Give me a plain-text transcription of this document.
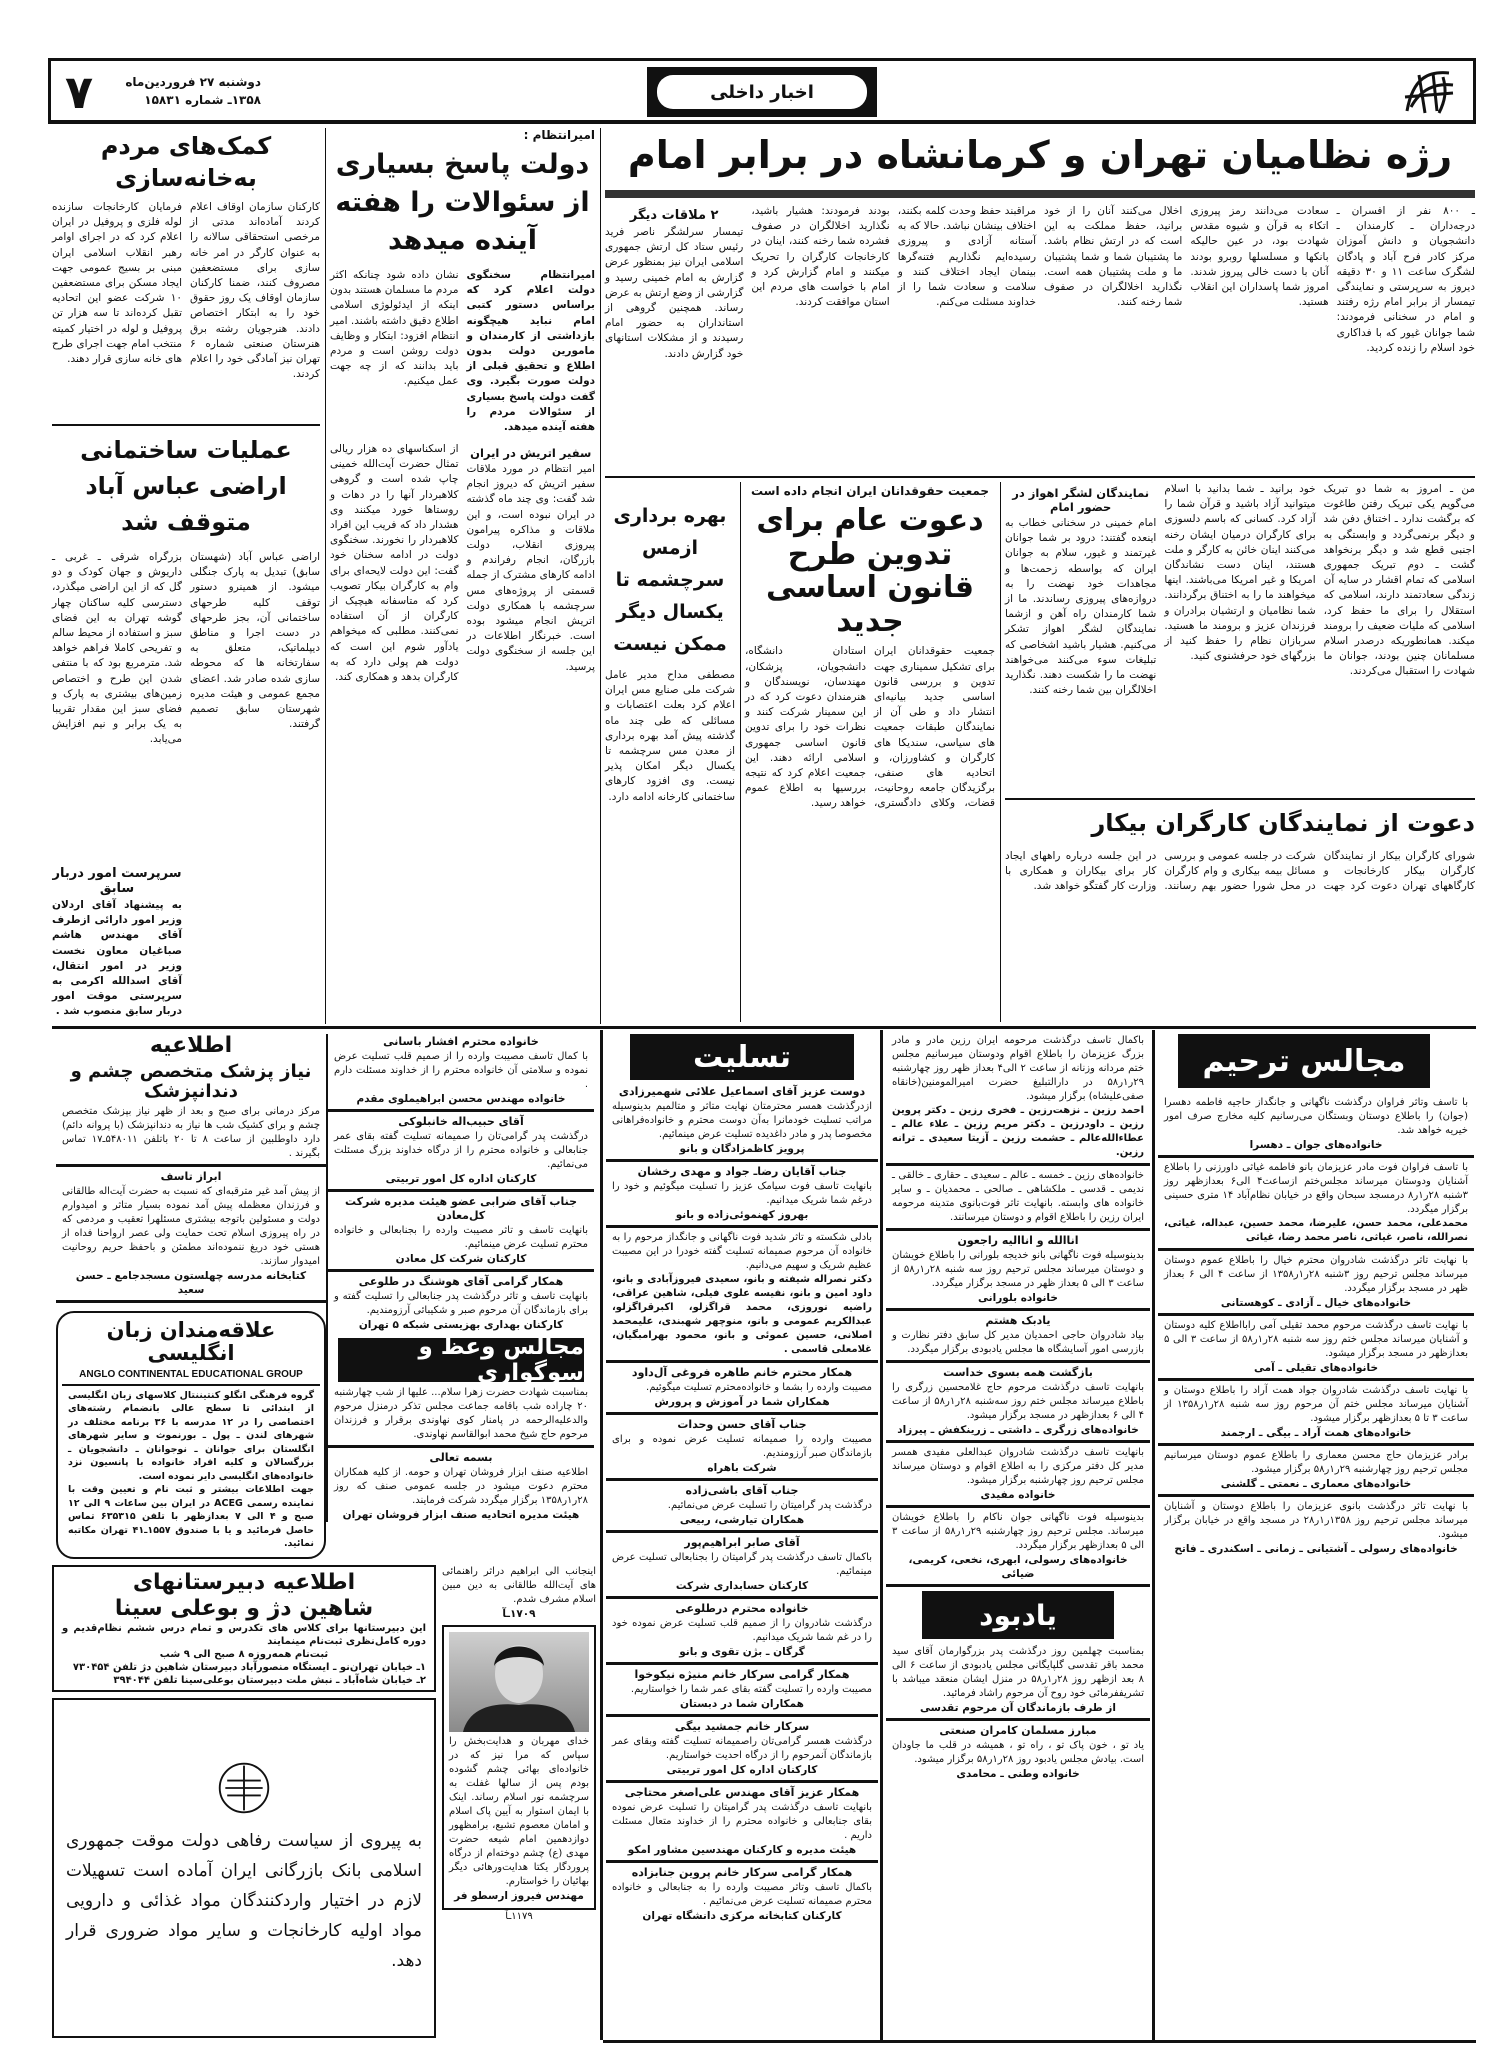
اخبار داخلی
۷	دوشنبه ۲۷ فروردین‌ماه
۱۳۵۸ـ شماره ۱۵۸۳۱
رژه نظامیان تهران و کرمانشاه در برابر امام
ـ ۸۰۰ نفر از افسران ـ درجه‌داران ـ کارمندان ـ دانشجویان و دانش آموزان مرکز کادر فرح آباد و پادگان لشگرک ساعت ۱۱ و ۳۰ دقیقه دیروز به سرپرستی و نمایندگی تیمسار از برابر امام رژه رفتند و امام در سخنانی فرمودند: شما جوانان غیور که با فداکاری خود اسلام را زنده کردید.
سعادت می‌دانند رمز پیروزی اتکاء به قرآن و شیوه مقدس شهادت بود، در عین حالیکه بانکها و مسلسلها روبرو بودند آنان با دست خالی پیروز شدند. امروز شما پاسداران این انقلاب هستید.
اخلال می‌کنند آنان را از خود برانید، حفظ مملکت به این است که در ارتش نظام باشد. ما پشتیبان شما و شما پشتیبان ما و ملت پشتیبان همه است. نگذارید اخلالگران در صفوف شما رخنه کنند.
مراقبند حفظ وحدت کلمه بکنند، اختلاف بینشان نباشد. حالا که به آستانه آزادی و پیروزی رسیده‌ایم نگذاریم فتنه‌گرها بینمان ایجاد اختلاف کنند و سلامت و سعادت شما را از خداوند مسئلت می‌کنم.
بودند فرمودند: هشیار باشید، نگذارید اخلالگران در صفوف فشرده شما رخنه کنند، اینان در کارخانجات کارگران را تحریک میکنند و امام گزارش کرد و امام با خواست های مردم این استان موافقت کردند.
۲ ملاقات دیگر
تیمسار سرلشگر ناصر فرید رئیس ستاد کل ارتش جمهوری اسلامی ایران نیز بمنظور عرض گزارش به امام خمینی رسید و گزارشی از وضع ارتش به عرض رساند. همچنین گروهی از استانداران به حضور امام رسیدند و از مشکلات استانهای خود گزارش دادند.
من ـ امروز به شما دو تبریک می‌گویم یکی تبریک رفتن طاغوت که برگشت ندارد ـ اختناق دفن شد و دیگر برنمی‌گردد و وابستگی به اجنبی قطع شد و دیگر برنخواهد گشت ـ دوم تبریک جمهوری اسلامی که تمام اقشار در سایه آن زندگی سعادتمند دارند، اسلامی که استقلال را برای ما حفظ کرد، اسلامی که ملیات ضعیف را برومند میکند. همانطوریکه درصدر اسلام مسلمانان چنین بودند، جوانان ما شهادت را استقبال می‌کردند.
خود برانید ـ شما بدانید با اسلام میتوانید آزاد باشید و قرآن شما را آزاد کرد. کسانی که باسم دلسوزی برای کارگران درمیان ایشان رخنه می‌کنند اینان خائن به کارگر و ملت هستند، اینان دست نشاندگان امریکا و غیر امریکا می‌باشند. اینها میخواهند ما را به اختناق برگردانند. شما نظامیان و ارتشیان برادران و فرزندان عزیز و برومند ما هستید. سربازان نظام را حفظ کنید از بزرگهای خود حرفشنوی کنید.
نمایندگان لشگر اهواز در حضور امام
امام خمینی در سخنانی خطاب به اینعده گفتند: درود بر شما جوانان غیرتمند و غیور، سلام به جوانان ایران که بواسطه زحمت‌ها و مجاهدات خود نهضت را به دروازه‌های پیروزی رساندند. ما از شما کارمندان راه آهن و ازشما نمایندگان لشگر اهواز تشکر می‌کنیم. هشیار باشید اشخاصی که تبلیغات سوء می‌کنند می‌خواهند نهضت ما را شکست دهند. نگذارید اخلالگران بین شما رخنه کنند.
جمعیت حقوقدانان ایران انجام داده است
دعوت عام برای تدوین طرح قانون اساسی جدید
جمعیت حقوقدانان ایران برای تشکیل سمیناری جهت تدوین و بررسی قانون اساسی جدید بیانیه‌ای انتشار داد و طی آن از نمایندگان طبقات جمعیت های سیاسی، سندیکا های کارگران و کشاورزان، و اتحادیه های صنفی، برگزیدگان جامعه روحانیت، قضات، وکلای دادگستری، استادان دانشگاه، دانشجویان، پزشکان، مهندسان، نویسندگان و هنرمندان دعوت کرد که در این سمینار شرکت کنند و نظرات خود را برای تدوین قانون اساسی جمهوری اسلامی ارائه دهند. این جمعیت اعلام کرد که نتیجه بررسیها به اطلاع عموم خواهد رسید.
بهره برداری ازمس سرچشمه تا یکسال دیگر ممکن نیست
مصطفی مداح مدیر عامل شرکت ملی صنایع مس ایران اعلام کرد بعلت اعتصابات و مسائلی که طی چند ماه گذشته پیش آمد بهره برداری از معدن مس سرچشمه تا یکسال دیگر امکان پذیر نیست. وی افزود کارهای ساختمانی کارخانه ادامه دارد.
دعوت از نمایندگان کارگران بیکار
شورای کارگران بیکار از نمایندگان کارگران بیکار کارخانجات و کارگاههای تهران دعوت کرد جهت شرکت در جلسه عمومی و بررسی مسائل بیمه بیکاری و وام کارگران در محل شورا حضور بهم رسانند. در این جلسه درباره راههای ایجاد کار برای بیکاران و همکاری با وزارت کار گفتگو خواهد شد.
امیرانتظام :
دولت پاسخ بسیاری از سئوالات را هفته آینده میدهد
امیرانتظام سخنگوی دولت اعلام کرد که براساس دستور کتبی امام نباید هیچگونه بازداشتی از کارمندان و مامورین دولت بدون اطلاع و تحقیق قبلی از دولت صورت بگیرد. وی گفت دولت پاسخ بسیاری از سئوالات مردم را هفته آینده میدهد.
نشان داده شود چنانکه اکثر مردم ما مسلمان هستند بدون اینکه از ایدئولوژی اسلامی اطلاع دقیق داشته باشند. امیر انتظام افزود: ابتکار و وظایف دولت روشن است و مردم باید بدانند که از چه جهت عمل میکنیم.
سفیر اتریش در ایران
امیر انتظام در مورد ملاقات سفیر اتریش که دیروز انجام شد گفت: وی چند ماه گذشته در ایران نبوده است، و این ملاقات و مذاکره پیرامون پیروزی انقلاب، دولت بازرگان، انجام رفراندم و ادامه کارهای مشترک از جمله قسمتی از پروژه‌های مس سرچشمه با همکاری دولت اتریش انجام میشود بوده است. خبرنگار اطلاعات در این جلسه از سخنگوی دولت پرسید.
از اسکناسهای ده هزار ریالی تمثال حضرت آیت‌الله خمینی چاپ شده است و گروهی کلاهبردار آنها را در دهات و روستاها خورد میکنند وی هشدار داد که فریب این افراد کلاهبردار را نخورند. سخنگوی دولت در ادامه سخنان خود گفت: این دولت لایحه‌ای برای وام به کارگران بیکار تصویب کرد که متاسفانه هیچیک از کارگران از آن استفاده نمی‌کنند. مطلبی که میخواهم یادآور شوم این است که دولت هم پولی دارد که به کارگران بدهد و همکاری کند.
کمک‌های مردم به‌خانه‌سازی
کارکنان سازمان اوقاف اعلام کردند آماده‌اند مدتی از مرخصی استحقاقی سالانه را به عنوان کارگر در امر خانه سازی برای مستضعفین مصروف کنند، ضمنا کارکنان سازمان اوقاف یک روز حقوق خود را به ابتکار اختصاص دادند. هنرجویان رشته برق هنرستان صنعتی شماره ۶ تهران نیز آمادگی خود را اعلام کردند.
فرمایان کارخانجات سازنده لوله فلزی و پروفیل در ایران اعلام کرد که در اجرای اوامر رهبر انقلاب اسلامی ایران مبنی بر بسیج عمومی جهت ایجاد مسکن برای مستضعفین ۱۰ شرکت عضو این اتحادیه تقبل کرده‌اند تا سه هزار تن پروفیل و لوله در اختیار کمیته منتخب امام جهت اجرای طرح های خانه سازی قرار دهند.
عملیات ساختمانی اراضی عباس آباد متوقف شد
اراضی عباس آباد (شهستان سابق) تبدیل به پارک جنگلی میشود. از همینرو دستور توقف کلیه طرحهای ساختمانی آن، بجز طرحهای در دست اجرا و مناطق دیپلماتیک، متعلق به سفارتخانه ها که محوطه سازی شده صادر شد. اعضای مجمع عمومی و هیئت مدیره شهرستان سابق تصمیم گرفتند.
بزرگراه شرقی ـ غربی ـ داریوش و جهان کودک و دو گل که از این اراضی میگذرد، دسترسی کلیه ساکنان چهار گوشه تهران به این فضای سبز و استفاده از محیط سالم و تفریحی کاملا فراهم خواهد شد. مترمربع بود که با منتفی شدن این طرح و اختصاص زمین‌های بیشتری به پارک و فضای سبز این مقدار تقریبا به یک برابر و نیم افزایش می‌یابد.
سرپرست امور دربار سابق
به پیشنهاد آقای اردلان وزیر امور دارائی ازطرف آقای مهندس هاشم صباغیان معاون نخست وزیر در امور انتقال، آقای اسدالله اکرمی به سرپرستی موقت امور دربار سابق منصوب شد .
خانواده محترم افشار باسانی
با کمال تاسف مصیبت وارده را از صمیم قلب تسلیت عرض نموده و سلامتی آن خانواده محترم را از خداوند مسئلت دارم .
خانواده مهندس محسن ابراهیملوی مقدم
آقای حبیب‌اله خانبلوکی
درگذشت پدر گرامی‌تان را صمیمانه تسلیت گفته بقای عمر جنابعالی و خانواده محترم را از درگاه خداوند بزرگ مسئلت می‌نمائیم.
کارکنان اداره کل امور تربیتی
جناب آقای ضرابی عضو هیئت مدیره شرکت کل‌معادن
بانهایت تاسف و تاثر مصیبت وارده را بجنابعالی و خانواده محترم تسلیت عرض مینمائیم.
کارکنان شرکت کل معادن
همکار گرامی آقای هوشنگ در طلوعی
بانهایت تاسف و تاثر درگذشت پدر جنابعالی را تسلیت گفته و برای بازماندگان آن مرحوم صبر و شکیبائی آرزومندیم.
کارکنان بهداری بهزیستی شبکه ۵ تهران
مجالس وعظ و سوگواری
بمناسبت شهادت حضرت زهرا سلام... علیها از شب چهارشنبه ۲۰ چاراده شب باقامه جماعت مجلس تذکر درمنزل مرحوم والدعلیه‌الرحمه در پامنار کوی نهاوندی برقرار و فرزندان مرحوم حاج شیخ محمد ابوالقاسم نهاوندی.
بسمه تعالی
اطلاعیه صنف ابزار فروشان تهران و حومه. از کلیه همکاران محترم دعوت میشود در جلسه عمومی صنف که روز ۲۸ر۱ر۱۳۵۸ برگزار میگردد شرکت فرمایند.
هیئت مدیره اتحادیه صنف ابزار فروشان تهران
اطلاعیه
نیاز پزشک متخصص چشم و دندانپزشک
مرکز درمانی برای صبح و بعد از ظهر نیاز بپزشک متخصص چشم و برای کشیک شب ها نیاز به دندانپزشک (با پروانه دائم) دارد داوطلبین از ساعت ۸ تا ۲۰ باتلفن ۵۴۸۰۱۱ـ۱۷ تماس بگیرند .
ابراز تاسف
از پیش آمد غیر مترقبه‌ای که نسبت به حضرت آیت‌اله طالقانی و فرزندان معظمله پیش آمد نموده بسیار متاثر و امیدوارم دولت و مسئولین باتوجه بیشتری مسئلهرا تعقیب و مردمی که در راه پیروزی اسلام تحت حمایت ولی عصر ارواحنا فداه از هستی خود دریغ ننموده‌اند مطمئن و باحفظ حریم روحانیت امیدوار سازند.
کتابخانه مدرسه چهلستون مسجدجامع ـ حسن سعید
علاقه‌مندان زبان انگلیسی
ANGLO CONTINENTAL EDUCATIONAL GROUP
گروه فرهنگی انگلو کنتیننتال کلاسهای زبان انگلیسی از ابتدائی تا سطح عالی بانضمام رشته‌های اختصاصی را در ۱۲ مدرسه با ۳۶ برنامه مختلف در شهرهای لندن ـ پول ـ بورنموث و سایر شهرهای انگلستان برای جوانان ـ نوجوانان ـ دانشجویان ـ بزرگسالان و کلیه افراد خانواده با پانسیون نزد خانواده‌های انگلیسی دایر نموده است.
جهت اطلاعات بیشتر و ثبت نام و تعیین وقت با نماینده رسمی ACEG در ایران بین ساعات ۹ الی ۱۲ صبح و ۴ الی ۷ بعدازظهر با تلفن ۶۳۵۳۱۵ تماس حاصل فرمائید و یا با صندوق ۱۵۵۷ـ۴۱ تهران مکاتبه نمائید.
اینجانب الی ابراهیم دراثر راهنمائی های آیت‌الله طالقانی به دین مبین اسلام مشرف شدم.
۱۷۰۹ـآ
خدای مهربان و هدایت‌بخش را سپاس که مرا نیز که در خانواده‌ای بهائی چشم گشوده بودم پس از سالها غفلت به سرچشمه نور اسلام رساند. اینک با ایمان استوار به آیین پاک اسلام و امامان معصوم تشیع، برامظهور دوازدهمین امام شیعه حضرت مهدی (ع) چشم دوخته‌ام از درگاه پروردگار یکتا هدایت‌ورهائی دیگر بهائیان را خواستارم.
مهندس فیروز ارسطو فر
۱۱۷۹ـآ
اطلاعیه دبیرستانهای
شاهین دژ و بوعلی سینا
این دبیرستانها برای کلاس های تکدرس و تمام درس ششم نظام‌قدیم و دوره کامل‌نظری ثبت‌نام مینمایند
ثبت‌نام همه‌روزه ۸ صبح الی ۹ شب
۱ـ خیابان تهران‌نو ـ ایستگاه منصورآباد دبیرستان شاهین دژ تلفن ۷۳۰۴۵۴
۲ـ خیابان شاه‌آباد ـ نبش ملت دبیرستان بوعلی‌سینا تلفن ۳۹۴۰۴۴
به پیروی از سیاست رفاهی دولت موقت جمهوری اسلامی بانک بازرگانی ایران آماده است تسهیلات لازم در اختیار واردکنندگان مواد غذائی و دارویی مواد اولیه کارخانجات و سایر مواد ضروری قرار دهد.
تسلیت
دوست عزیز آقای اسماعیل علائی شهمیرزادی
ازدرگذشت همسر محترمتان نهایت متاثر و متالمیم بدینوسیله مراتب تسلیت خودمانرا به‌آن دوست محترم و خانواده‌فراهانی مخصوصا پدر و مادر داغدیده تسلیت عرض مینمائیم.
پرویز کاظمزادگان و بانو
جناب آقایان رضاـ جواد و مهدی رخشان
بانهایت تاسف فوت سیامک عزیز را تسلیت میگوئیم و خود را درغم شما شریک میدانیم.
بهروز کهنموئی‌زاده و بانو
بادلی شکسته و تاثر شدید فوت ناگهانی و جانگداز مرحوم را به خانواده آن مرحوم صمیمانه تسلیت گفته خودرا در این مصیبت عظیم شریک و سهیم می‌دانیم.
دکتر نصراله شیفته و بانو، سعیدی فیروزآبادی و بانو، داود امین و بانو، نفیسه علوی فیلی، شاهین عراقی، راضیه نوروزی، محمد قراگزلو، اکبرقراگزلو، عبدالکریم عمومی و بانو، منوچهر شهبندی، علیمحمد اصلانی، حسین عموئی و بانو، محمود بهرامبگیان، غلامعلی قاسمی .
همکار محترم خانم طاهره فروغی آل‌داود
مصیبت وارده را بشما و خانواده‌محترم تسلیت میگوئیم.
همکاران شما در آموزش و پرورش
جناب آقای حسن وحدات
مصیبت وارده را صمیمانه تسلیت عرض نموده و برای بازماندگان صبر آرزومندیم.
شرکت باهراه
جناب آقای باشی‌زاده
درگذشت پدر گرامیتان را تسلیت عرض می‌نمائیم.
همکاران تیارشی، ربیعی
آقای صابر ابراهیم‌پور
باکمال تاسف درگذشت پدر گرامیتان را بجنابعالی تسلیت عرض مینمائیم.
کارکنان حسابداری شرکت
خانواده محترم درطلوعی
درگذشت شادروان را از صمیم قلب تسلیت عرض نموده خود را در غم شما شریک میدانیم.
گرگان ـ بژن تقوی و بانو
همکار گرامی سرکار خانم منیژه نیکوخوا
مصیبت وارده را تسلیت گفته بقای عمر شما را خواستاریم.
همکاران شما در دبستان
سرکار خانم جمشید بیگی
درگذشت همسر گرامی‌تان راصمیمانه تسلیت گفته وبقای عمر بازماندگان آنمرحوم را از درگاه احدیت خواستاریم.
کارکنان اداره کل امور تربیتی
همکار عزیز آقای مهندس علی‌اصغر محتاجی
بانهایت تاسف درگذشت پدر گرامیتان را تسلیت عرض نموده بقای جنابعالی و خانواده محترم را از خداوند متعال مسئلت داریم .
هیئت مدیره و کارکنان مهندسین مشاور امکو
همکار گرامی سرکار خانم پروین جنابزاده
باکمال تاسف وتاثر مصیبت وارده را به جنابعالی و خانواده محترم صمیمانه تسلیت عرض می‌نمائیم .
کارکنان کتابخانه مرکزی دانشگاه تهران
باکمال تاسف درگذشت مرحومه ایران رزین مادر و مادر بزرگ عزیزمان را باطلاع اقوام ودوستان میرسانیم مجلس ختم مردانه وزنانه از ساعت ۲ الی۴ بعداز ظهر روز چهارشنبه ۲۹ر۱ر۵۸ در دارالتبلیغ حضرت امیرالمومنین(خانقاه صفی‌علیشاه) برگزار میشود.
احمد رزین ـ نزهت‌رزین ـ فخری رزین ـ دکتر پروین رزین ـ داودرزین ـ دکتر مریم رزین ـ علاء عالم ـ عطاءالله‌عالم ـ حشمت رزین ـ آزیتا سعیدی ـ ترانه رزین.
خانواده‌های رزین ـ خمسه ـ عالم ـ سعیدی ـ حقاری ـ خالقی ـ ندیمی ـ قدسی ـ ملکشاهی ـ صالحی ـ محمدیان ـ و سایر خانواده های وابسته. بانهایت تاثر فوت‌بانوی متدینه مرحومه ایران رزین را باطلاع اقوام و دوستان میرسانند.
اناالله و انااليه راجعون
بدینوسیله فوت ناگهانی بانو خدیجه بلورانی را باطلاع خویشان و دوستان میرساند مجلس ترحیم روز سه شنبه ۲۸ر۱ر۵۸ از ساعت ۳ الی ۵ بعداز ظهر در مسجد برگزار میگردد.
خانواده بلورانی
یادبک هشتم
بیاد شادروان حاجی احمدیان مدیر کل سابق دفتر نظارت و بازرسی امور آسایشگاه ها مجلس یادبودی برگزار میگردد.
بازگشت همه بسوی خداست
بانهایت تاسف درگذشت مرحوم حاج غلامحسین زرگری را باطلاع میرساند مجلس ختم روز سه‌شنبه ۲۸ر۱ر۵۸ از ساعت ۴ الی ۶ بعدازظهر در مسجد برگزار میشود.
خانواده‌های زرگری ـ داشتی ـ زرینکفش ـ پیرزاد
بانهایت تاسف درگذشت شادروان عبدالعلی مفیدی همسر مدیر کل دفتر مرکزی را به اطلاع اقوام و دوستان میرساند مجلس ترحیم روز چهارشنبه برگزار میشود.
خانواده مفیدی
بدینوسیله فوت ناگهانی جوان ناکام را باطلاع خویشان میرساند. مجلس ترحیم روز چهارشنبه ۲۹ر۱ر۵۸ از ساعت ۳ الی ۵ بعدازظهر برگزار میگردد.
خانواده‌های رسولی، ابهری، نخعی، کریمی، ضیائی
یادبود
بمناسبت چهلمین روز درگذشت پدر بزرگوارمان آقای سید محمد باقر تقدسی گلپایگانی مجلس یادبودی از ساعت ۶ الی ۸ بعد ازظهر روز ۲۸ر۱ر۵۸ در منزل ایشان منعقد میباشد با تشریففرمائی خود روح آن مرحوم راشاد فرمائید.
از طرف بازماندگان آن مرحوم تقدسی
مبارز مسلمان کامران صنعتی
یاد تو ، خون پاک تو ، راه تو ، همیشه در قلب ما جاودان است. بیادش مجلس یادبود روز ۲۸ر۱ر۵۸ برگزار میشود.
خانواده وطنی ـ محامدی
مجالس ترحیم
با تاسف وتاثر فراوان درگذشت ناگهانی و جانگداز حاجیه فاطمه دهسرا (جوان) را باطلاع دوستان وبستگان می‌رسانیم کلیه مخارج صرف امور خیریه خواهد شد.
خانواده‌های جوان ـ دهسرا
با تاسف فراوان فوت مادر عزیزمان بانو فاطمه غیاثی داورزنی را باطلاع آشنایان ودوستان میرساند مجلس‌ختم ازساعت۴ الی۶ بعدازظهر روز ۳شنبه ۲۸ر۱ر۸ درمسجد سبحان واقع در خیابان نظام‌آباد ۱۴ متری حسینی برگزار میگردد.
محمدعلی، محمد حسن، علیرضا، محمد حسین، عبداله، غیاثی، نصرالله، ناصر، غیاثی، ناصر محمد رضا، غیاثی
با نهایت تاثر درگذشت شادروان محترم خیال را باطلاع عموم دوستان میرساند مجلس ترحیم روز ۳شنبه ۲۸ر۱ر۱۳۵۸ از ساعت ۴ الی ۶ بعداز ظهر در مسجد برگزار میگردد.
خانواده‌های خیال ـ آزادی ـ کوهستانی
با نهایت تاسف درگذشت مرحوم محمد تقیلی آمی رابااطلاع کلیه دوستان و آشنایان میرساند مجلس ختم روز سه شنبه ۲۸ر۱ر۵۸ از ساعت ۳ الی ۵ بعدازظهر در مسجد برگزار میشود.
خانواده‌های تقیلی ـ آمی
با نهایت تاسف درگذشت شادروان جواد همت آراد را باطلاع دوستان و آشنایان میرساند مجلس ختم آن مرحوم روز سه شنبه ۲۸ر۱ر۱۳۵۸ از ساعت ۳ تا ۵ بعدازظهر برگزار میشود.
خانواده‌های همت آراد ـ بیگی ـ ارجمند
برادر عزیزمان حاج محسن معماری را باطلاع عموم دوستان میرسانیم مجلس ترحیم روز چهارشنبه ۲۹ر۱ر۵۸ برگزار میشود.
خانواده‌های معماری ـ نعمتی ـ گلشنی
با نهایت تاثر درگذشت بانوی عزیزمان را باطلاع دوستان و آشنایان میرساند مجلس ترحیم روز ۱۳۵۸ر۱ر۲۸ در مسجد واقع در خیابان برگزار میشود.
خانواده‌های رسولی ـ آشتیانی ـ زمانی ـ اسکندری ـ فاتح
